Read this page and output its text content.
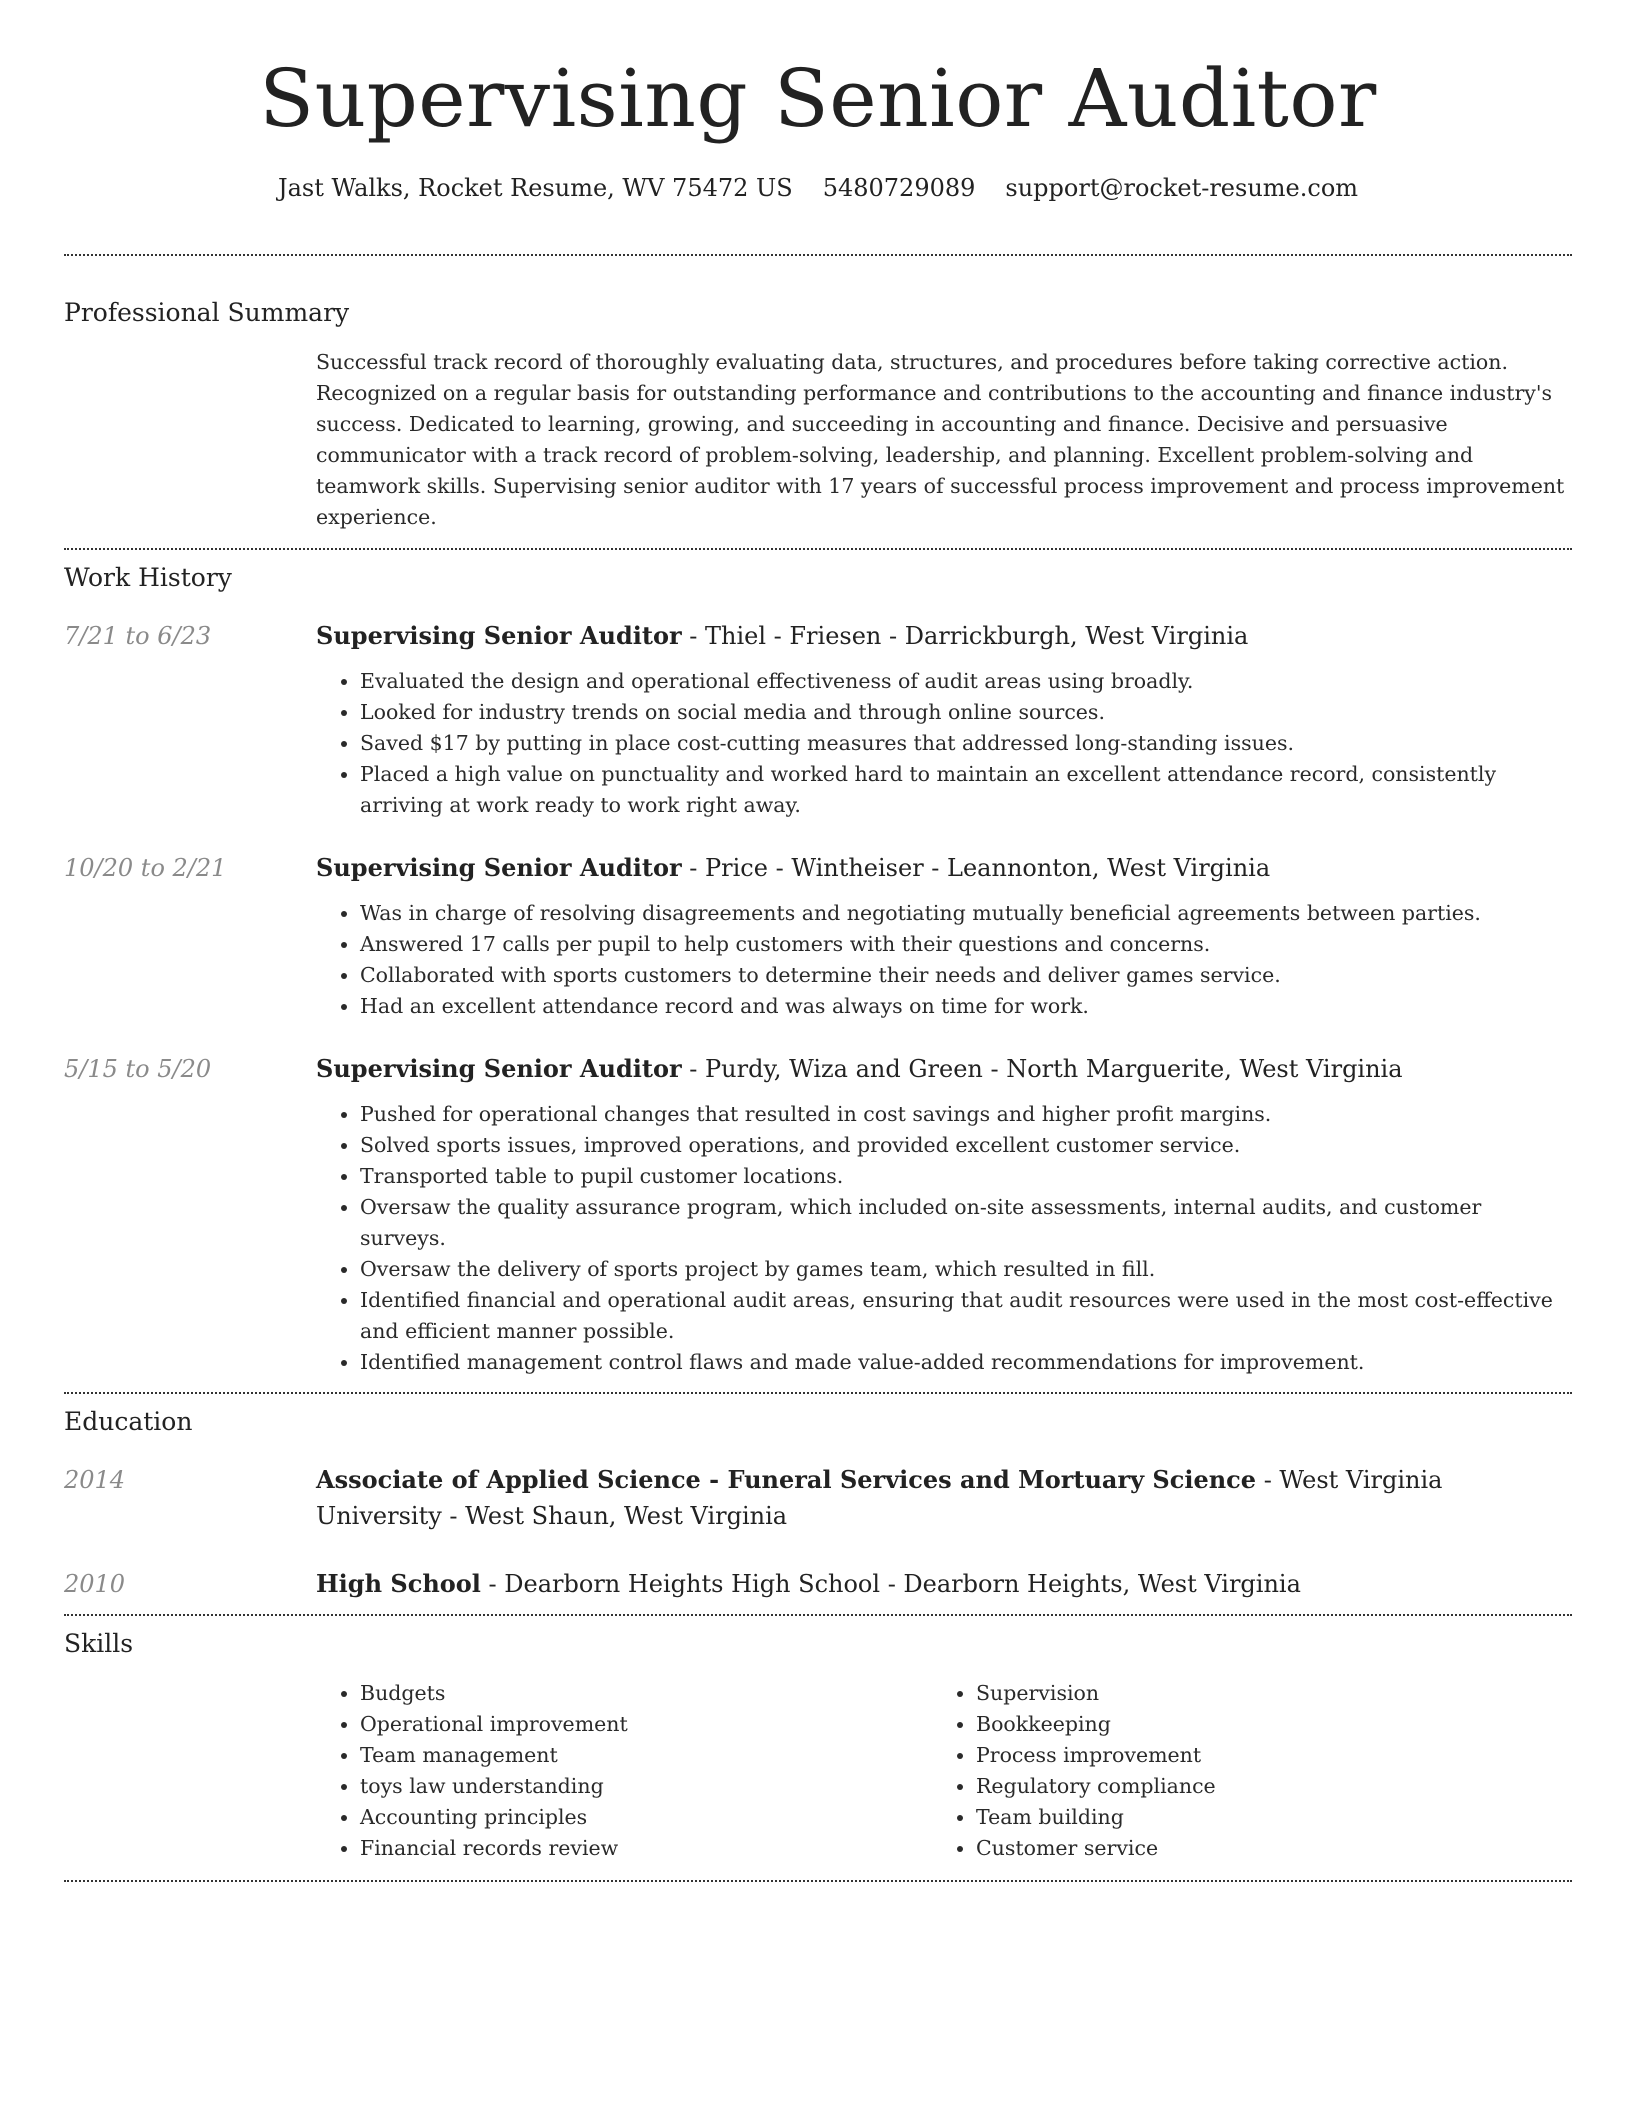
Supervising Senior Auditor
Jast Walks, Rocket Resume, WV 75472 US 5480729089 support@rocket-resume.com
Professional Summary

Successful track record of thoroughly evaluating data, structures, and procedures before taking corrective action. Recognized on a regular basis for outstanding performance and contributions to the accounting and finance industry's success. Dedicated to learning, growing, and succeeding in accounting and finance. Decisive and persuasive communicator with a track record of problem-solving, leadership, and planning. Excellent problem-solving and teamwork skills. Supervising senior auditor with 17 years of successful process improvement and process improvement experience.

Work History
7/21 to 6/23	Supervising Senior Auditor - Thiel - Friesen - Darrickburgh, West Virginia
• Evaluated the design and operational effectiveness of audit areas using broadly.
• Looked for industry trends on social media and through online sources.
• Saved $17 by putting in place cost-cutting measures that addressed long-standing issues.
• Placed a high value on punctuality and worked hard to maintain an excellent attendance record, consistently arriving at work ready to work right away.
10/20 to 2/21	Supervising Senior Auditor - Price - Wintheiser - Leannonton, West Virginia
• Was in charge of resolving disagreements and negotiating mutually beneficial agreements between parties.
• Answered 17 calls per pupil to help customers with their questions and concerns.
• Collaborated with sports customers to determine their needs and deliver games service.
• Had an excellent attendance record and was always on time for work.
5/15 to 5/20	Supervising Senior Auditor - Purdy, Wiza and Green - North Marguerite, West Virginia
• Pushed for operational changes that resulted in cost savings and higher profit margins.
• Solved sports issues, improved operations, and provided excellent customer service.
• Transported table to pupil customer locations.
• Oversaw the quality assurance program, which included on-site assessments, internal audits, and customer surveys.
• Oversaw the delivery of sports project by games team, which resulted in fill.
• Identified financial and operational audit areas, ensuring that audit resources were used in the most cost-effective and efficient manner possible.
• Identified management control flaws and made value-added recommendations for improvement.
Education
2014	Associate of Applied Science - Funeral Services and Mortuary Science - West Virginia University - West Shaun, West Virginia
2010	High School - Dearborn Heights High School - Dearborn Heights, West Virginia
Skills
• Budgets
• Operational improvement
• Team management
• toys law understanding
• Accounting principles
• Financial records review
• Supervision
• Bookkeeping
• Process improvement
• Regulatory compliance
• Team building
• Customer service
